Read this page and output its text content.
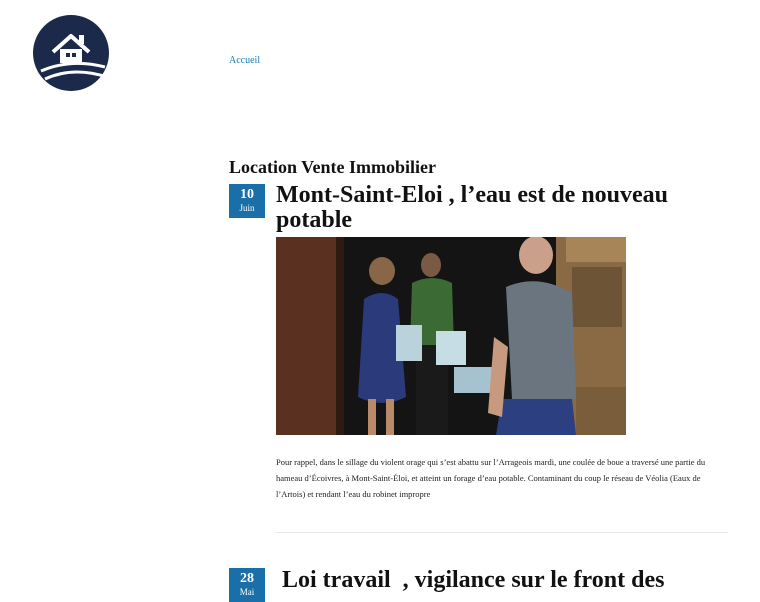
Accueil
Location Vente Immobilier
10
Juin Mont-Saint-Eloi , l’eau est de nouveau potable

Pour rappel, dans le sillage du violent orage qui s’est abattu sur l’Arrageois mardi, une coulée de boue a traversé une partie du hameau d’Écoivres, à Mont-Saint-Éloi, et atteint un forage d’eau potable. Contaminant du coup le réseau de Véolia (Eaux de l’Artois) et rendant l’eau du robinet impropre

28
Mai	Loi travail  , vigilance sur le front des
